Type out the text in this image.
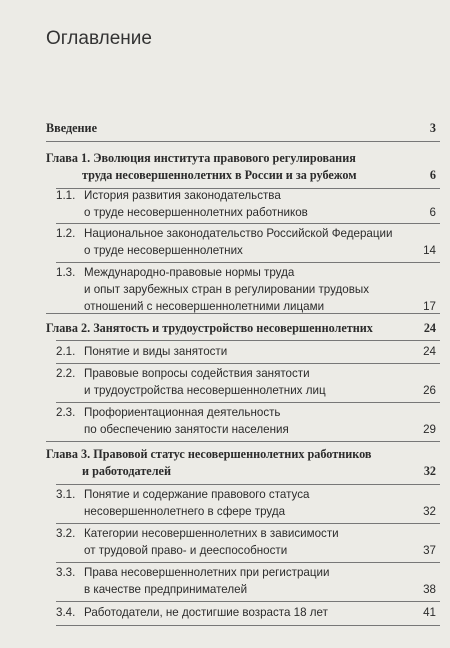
Оглавление
Введение	3
Глава 1. Эволюция института правового регулирования
труда несовершеннолетних в России и за рубежом	6
1.1. История развития законодательства
о труде несовершеннолетних работников	6
1.2. Национальное законодательство Российской Федерации
о труде несовершеннолетних	14
1.3. Международно-правовые нормы труда
и опыт зарубежных стран в регулировании трудовых
отношений с несовершеннолетними лицами	17
Глава 2. Занятость и трудоустройство несовершеннолетних	24
2.1. Понятие и виды занятости	24
2.2. Правовые вопросы содействия занятости
и трудоустройства несовершеннолетних лиц	26
2.3. Профориентационная деятельность
по обеспечению занятости населения	29
Глава 3. Правовой статус несовершеннолетних работников
и работодателей	32
3.1. Понятие и содержание правового статуса
несовершеннолетнего в сфере труда	32
3.2. Категории несовершеннолетних в зависимости
от трудовой право- и дееспособности	37
3.3. Права несовершеннолетних при регистрации
в качестве предпринимателей	38
3.4. Работодатели, не достигшие возраста 18 лет	41
